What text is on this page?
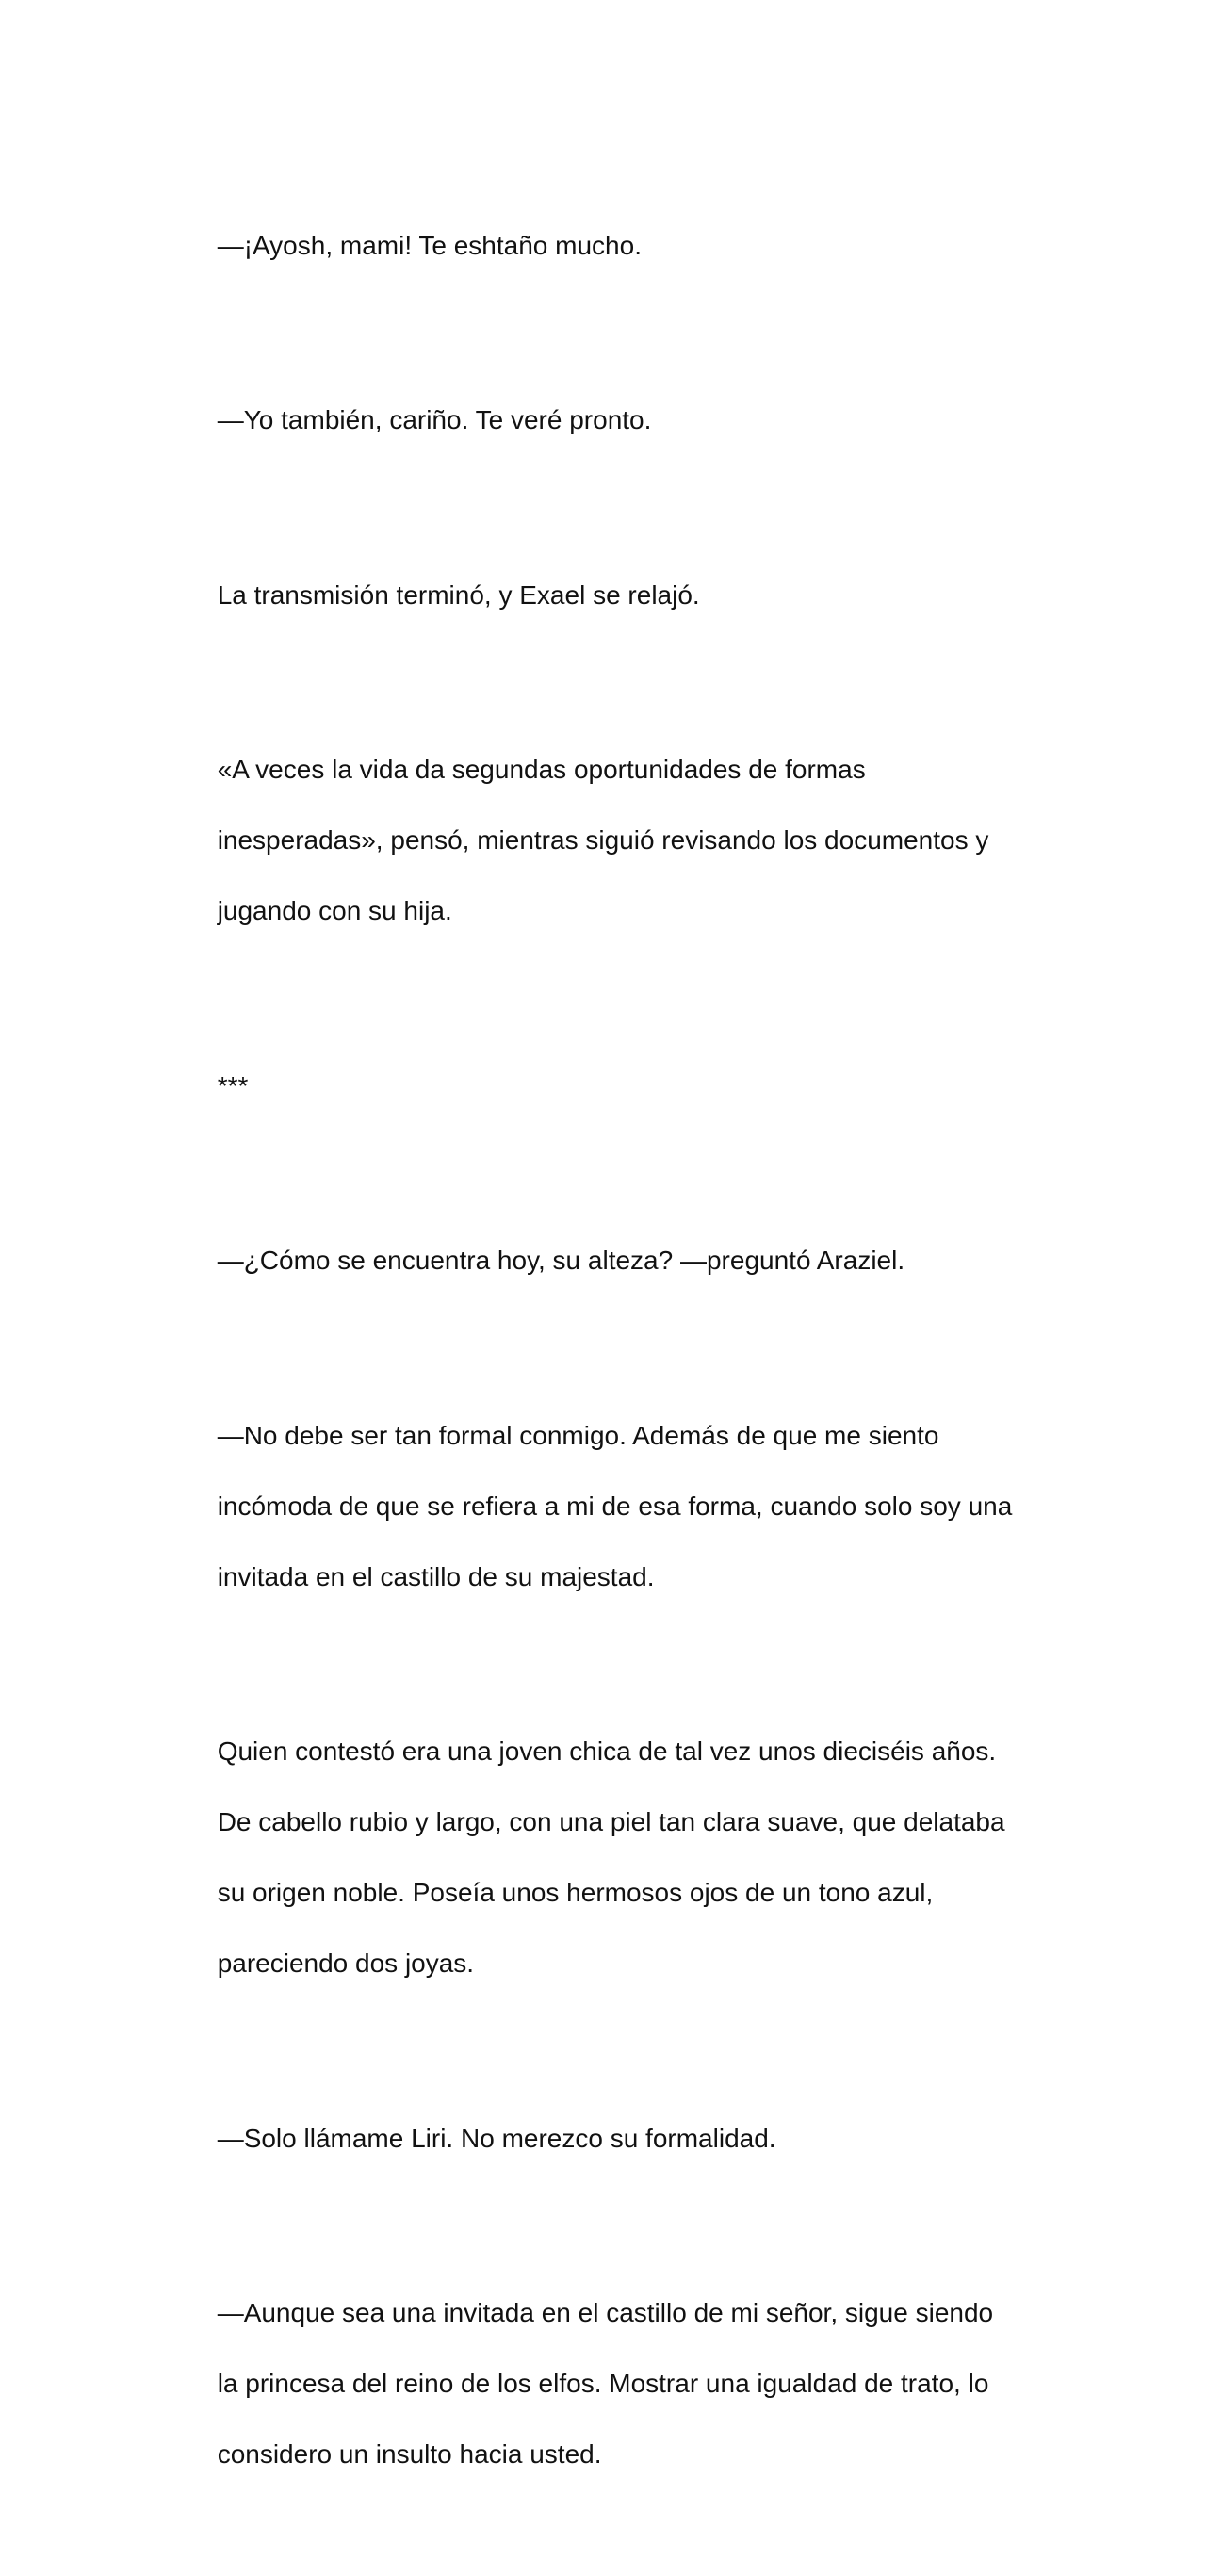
—¡Ayosh, mami! Te eshtaño mucho.

—Yo también, cariño. Te veré pronto.

La transmisión terminó, y Exael se relajó.

«A veces la vida da segundas oportunidades de formas

inesperadas», pensó, mientras siguió revisando los documentos y

jugando con su hija.

***

—¿Cómo se encuentra hoy, su alteza? —preguntó Araziel.

—No debe ser tan formal conmigo. Además de que me siento

incómoda de que se refiera a mi de esa forma, cuando solo soy una

invitada en el castillo de su majestad.

Quien contestó era una joven chica de tal vez unos dieciséis años.

De cabello rubio y largo, con una piel tan clara suave, que delataba

su origen noble. Poseía unos hermosos ojos de un tono azul,

pareciendo dos joyas.

—Solo llámame Liri. No merezco su formalidad.

—Aunque sea una invitada en el castillo de mi señor, sigue siendo

la princesa del reino de los elfos. Mostrar una igualdad de trato, lo

considero un insulto hacia usted.
